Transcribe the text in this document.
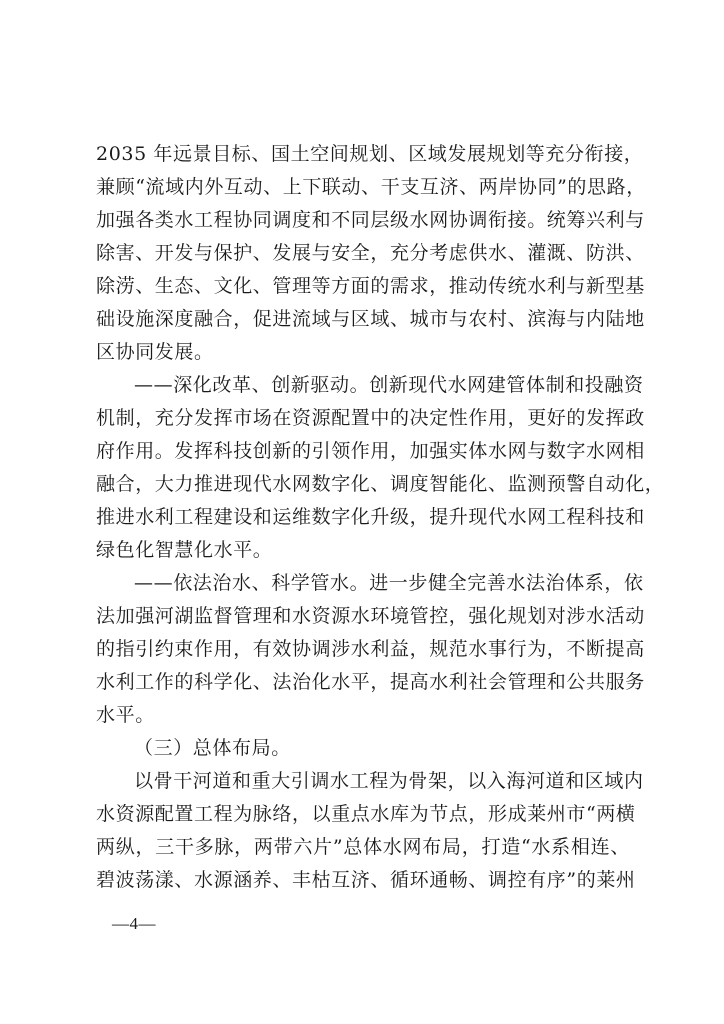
2035 年远景目标、国土空间规划、区域发展规划等充分衔接，
兼顾“流域内外互动、上下联动、干支互济、两岸协同”的思路，
加强各类水工程协同调度和不同层级水网协调衔接。统筹兴利与
除害、开发与保护、发展与安全，充分考虑供水、灌溉、防洪、
除涝、生态、文化、管理等方面的需求，推动传统水利与新型基
础设施深度融合，促进流域与区域、城市与农村、滨海与内陆地
区协同发展。
——深化改革、创新驱动。创新现代水网建管体制和投融资
机制，充分发挥市场在资源配置中的决定性作用，更好的发挥政
府作用。发挥科技创新的引领作用，加强实体水网与数字水网相
融合，大力推进现代水网数字化、调度智能化、监测预警自动化，
推进水利工程建设和运维数字化升级，提升现代水网工程科技和
绿色化智慧化水平。
——依法治水、科学管水。进一步健全完善水法治体系，依
法加强河湖监督管理和水资源水环境管控，强化规划对涉水活动
的指引约束作用，有效协调涉水利益，规范水事行为，不断提高
水利工作的科学化、法治化水平，提高水利社会管理和公共服务
水平。
（三）总体布局。
以骨干河道和重大引调水工程为骨架，以入海河道和区域内
水资源配置工程为脉络，以重点水库为节点，形成莱州市“两横
两纵，三干多脉，两带六片”总体水网布局，打造“水系相连、
碧波荡漾、水源涵养、丰枯互济、循环通畅、调控有序”的莱州
—4—
